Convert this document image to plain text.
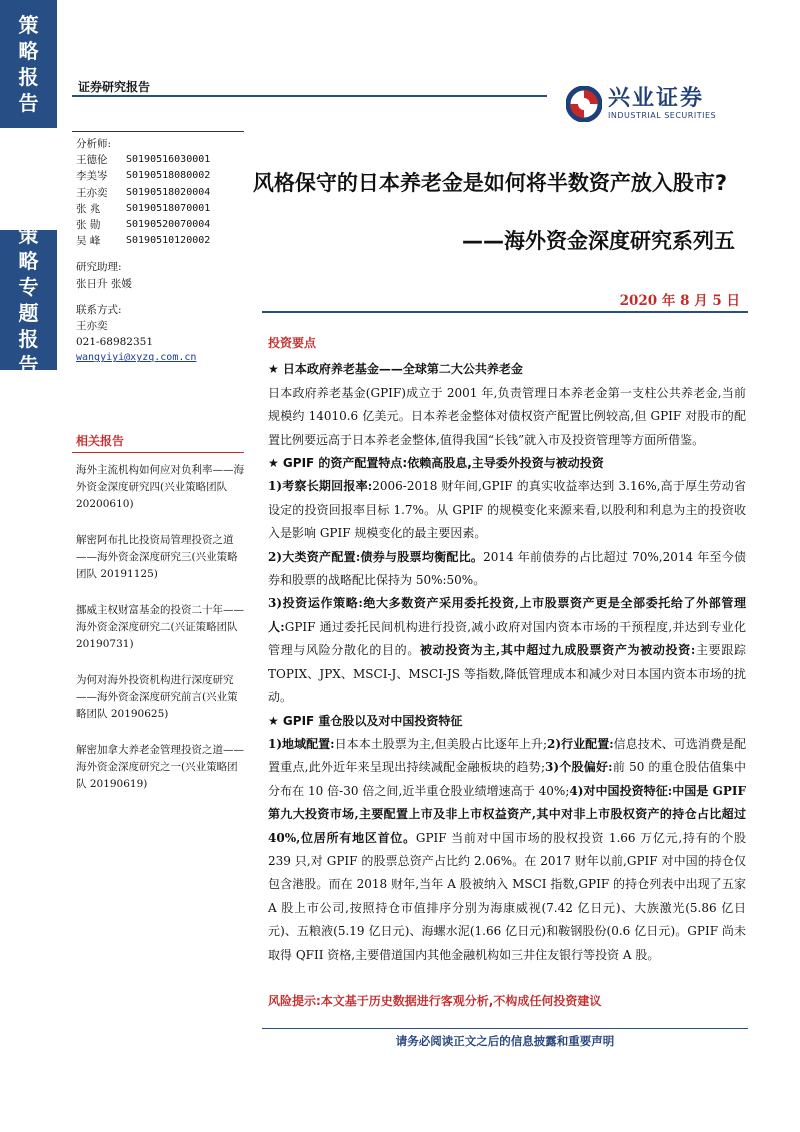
策
略
报
告
策
略
专
题
报
告
证券研究报告	兴业证券
INDUSTRIAL SECURITIES
分析师:
王德伦	S0190516030001
李美岑	S0190518080002
王亦奕	S0190518020004
张 兆	S0190518070001
张 勋	S0190520070004
吴 峰	S0190510120002
研究助理:
张日升 张媛
联系方式:
王亦奕
021-68982351
wangyiyi@xyzq.com.cn
相关报告
海外主流机构如何应对负利率——海外资金深度研究四(兴业策略团队 20200610)
解密阿布扎比投资局管理投资之道——海外资金深度研究三(兴业策略团队 20191125)
挪威主权财富基金的投资二十年——海外资金深度研究二(兴证策略团队 20190731)
为何对海外投资机构进行深度研究——海外资金深度研究前言(兴业策略团队 20190625)
解密加拿大养老金管理投资之道——海外资金深度研究之一(兴业策略团队 20190619)
风格保守的日本养老金是如何将半数资产放入股市?
——海外资金深度研究系列五
2020 年 8 月 5 日
投资要点
★ 日本政府养老基金——全球第二大公共养老金

日本政府养老基金(GPIF)成立于 2001 年,负责管理日本养老金第一支柱公共养老金,当前规模约 14010.6 亿美元。日本养老金整体对债权资产配置比例较高,但 GPIF 对股市的配置比例要远高于日本养老金整体,值得我国“长钱”就入市及投资管理等方面所借鉴。

★ GPIF 的资产配置特点:依赖高股息,主导委外投资与被动投资

1)考察长期回报率:2006-2018 财年间,GPIF 的真实收益率达到 3.16%,高于厚生劳动省设定的投资回报率目标 1.7%。从 GPIF 的规模变化来源来看,以股利和利息为主的投资收入是影响 GPIF 规模变化的最主要因素。

2)大类资产配置:债券与股票均衡配比。2014 年前债券的占比超过 70%,2014 年至今债券和股票的战略配比保持为 50%:50%。

3)投资运作策略:绝大多数资产采用委托投资,上市股票资产更是全部委托给了外部管理人:GPIF 通过委托民间机构进行投资,减小政府对国内资本市场的干预程度,并达到专业化管理与风险分散化的目的。被动投资为主,其中超过九成股票资产为被动投资:主要跟踪 TOPIX、JPX、MSCI-J、MSCI-JS 等指数,降低管理成本和减少对日本国内资本市场的扰动。

★ GPIF 重仓股以及对中国投资特征

1)地域配置:日本本土股票为主,但美股占比逐年上升;2)行业配置:信息技术、可选消费是配置重点,此外近年来呈现出持续减配金融板块的趋势;3)个股偏好:前 50 的重仓股估值集中分布在 10 倍-30 倍之间,近半重仓股业绩增速高于 40%;4)对中国投资特征:中国是 GPIF 第九大投资市场,主要配置上市及非上市权益资产,其中对非上市股权资产的持仓占比超过 40%,位居所有地区首位。GPIF 当前对中国市场的股权投资 1.66 万亿元,持有的个股 239 只,对 GPIF 的股票总资产占比约 2.06%。在 2017 财年以前,GPIF 对中国的持仓仅包含港股。而在 2018 财年,当年 A 股被纳入 MSCI 指数,GPIF 的持仓列表中出现了五家 A 股上市公司,按照持仓市值排序分别为海康威视(7.42 亿日元)、大族激光(5.86 亿日元)、五粮液(5.19 亿日元)、海螺水泥(1.66 亿日元)和鞍钢股份(0.6 亿日元)。GPIF 尚未取得 QFII 资格,主要借道国内其他金融机构如三井住友银行等投资 A 股。

风险提示:本文基于历史数据进行客观分析,不构成任何投资建议
请务必阅读正文之后的信息披露和重要声明
